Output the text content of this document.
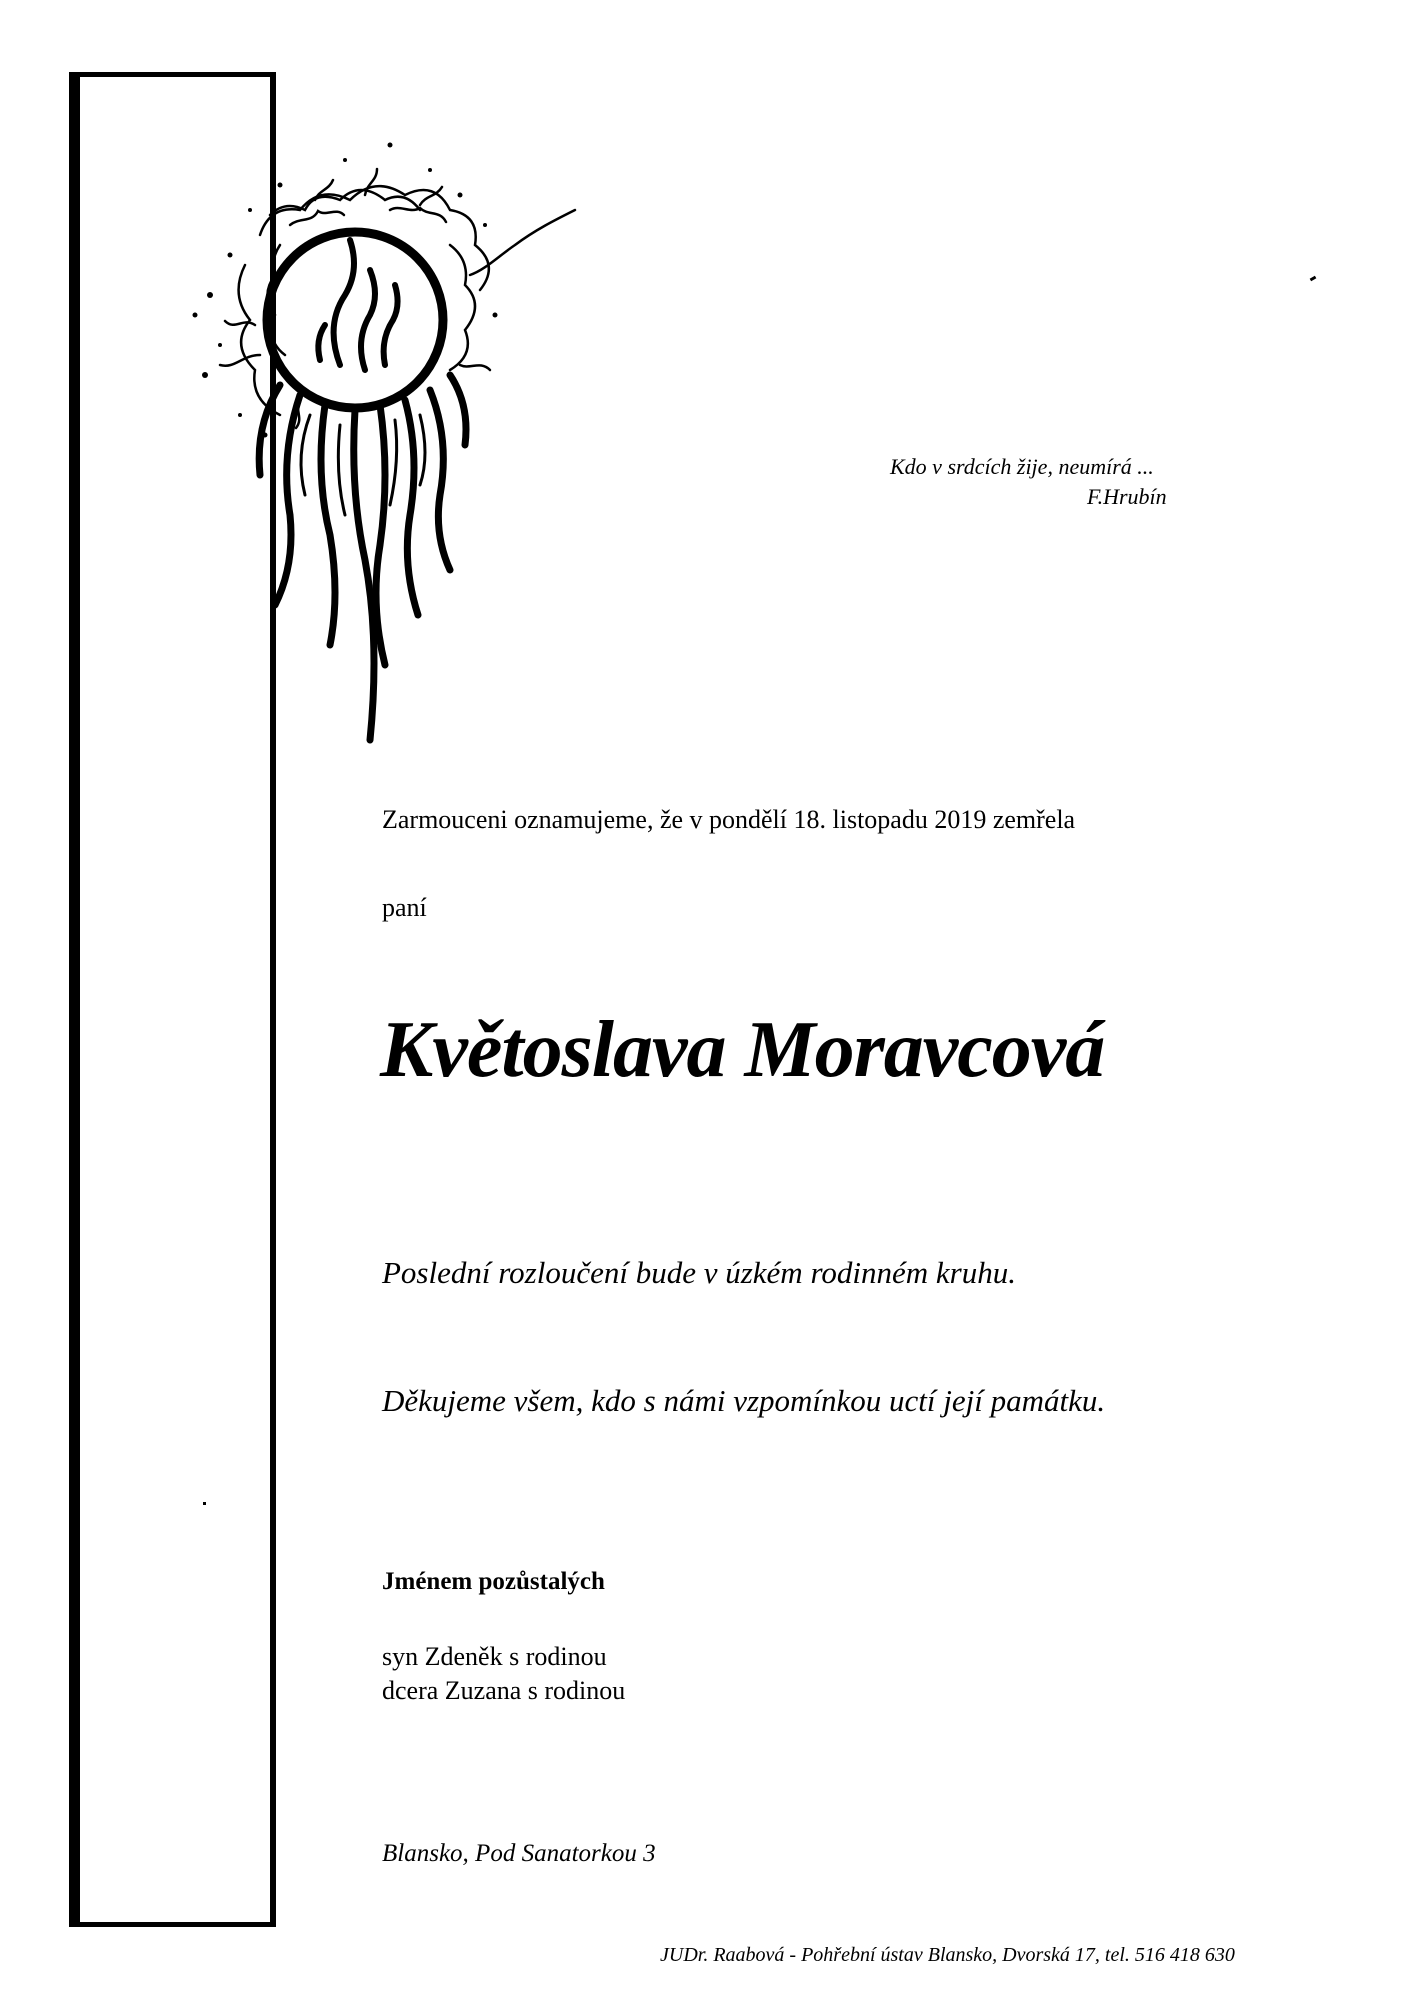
Kdo v srdcích žije, neumírá ...
F.Hrubín
Zarmouceni oznamujeme, že v pondělí 18. listopadu 2019 zemřela
paní
Květoslava Moravcová
Poslední rozloučení bude v úzkém rodinném kruhu.
Děkujeme všem, kdo s námi vzpomínkou uctí její památku.
Jménem pozůstalých
syn Zdeněk s rodinou
dcera Zuzana s rodinou
Blansko, Pod Sanatorkou 3
JUDr. Raabová - Pohřební ústav Blansko, Dvorská 17, tel. 516 418 630
